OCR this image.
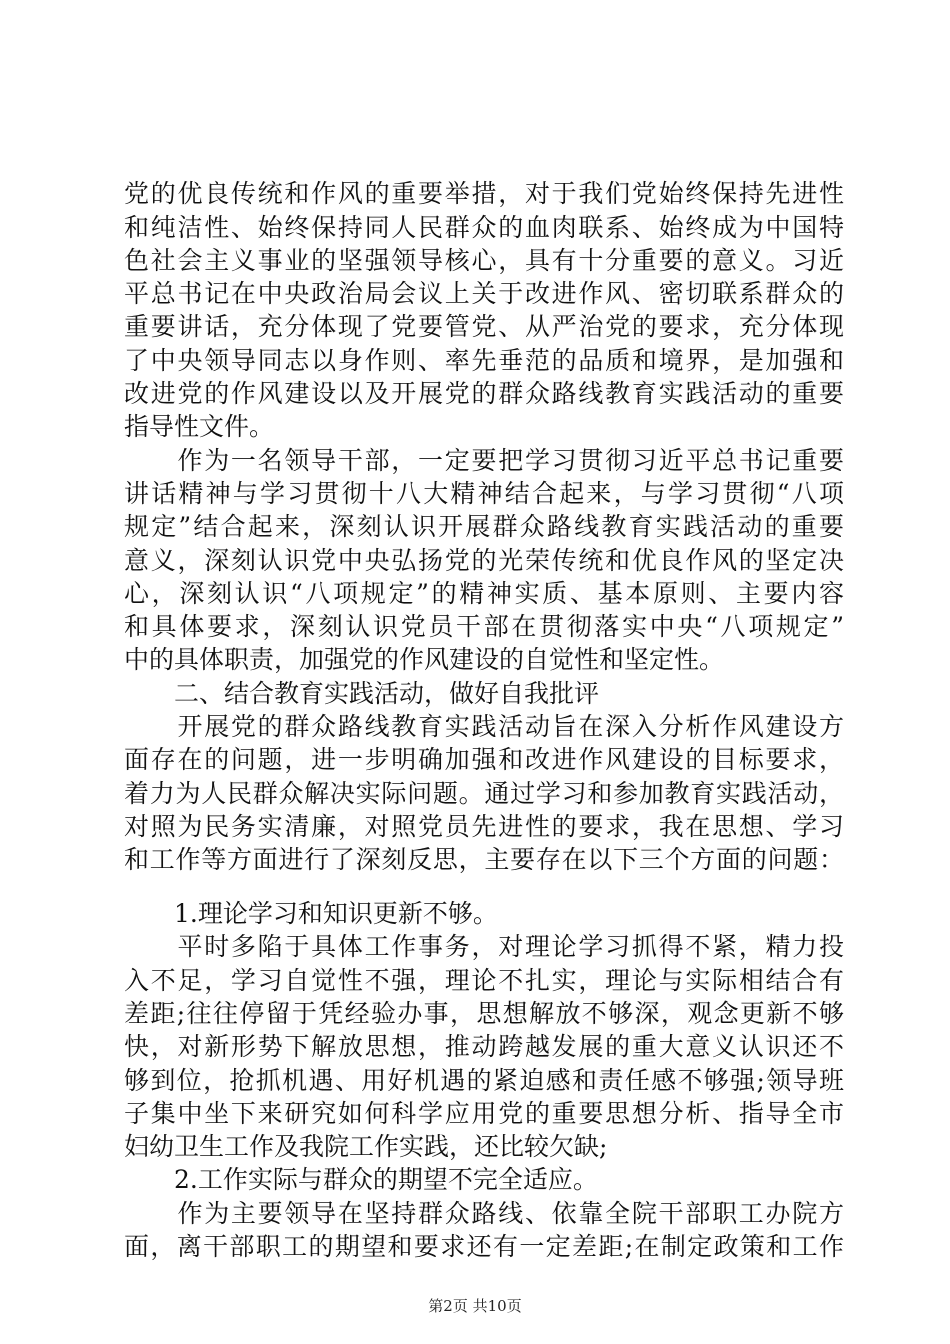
党的优良传统和作风的重要举措，对于我们党始终保持先进性
和纯洁性、始终保持同人民群众的血肉联系、始终成为中国特
色社会主义事业的坚强领导核心，具有十分重要的意义。习近
平总书记在中央政治局会议上关于改进作风、密切联系群众的
重要讲话，充分体现了党要管党、从严治党的要求，充分体现
了中央领导同志以身作则、率先垂范的品质和境界，是加强和
改进党的作风建设以及开展党的群众路线教育实践活动的重要
指导性文件。
　　作为一名领导干部，一定要把学习贯彻习近平总书记重要
讲话精神与学习贯彻十八大精神结合起来，与学习贯彻“八项
规定”结合起来，深刻认识开展群众路线教育实践活动的重要
意义，深刻认识党中央弘扬党的光荣传统和优良作风的坚定决
心，深刻认识“八项规定”的精神实质、基本原则、主要内容
和具体要求，深刻认识党员干部在贯彻落实中央“八项规定”
中的具体职责，加强党的作风建设的自觉性和坚定性。
　　二、结合教育实践活动，做好自我批评
　　开展党的群众路线教育实践活动旨在深入分析作风建设方
面存在的问题，进一步明确加强和改进作风建设的目标要求，
着力为人民群众解决实际问题。通过学习和参加教育实践活动，
对照为民务实清廉，对照党员先进性的要求，我在思想、学习
和工作等方面进行了深刻反思，主要存在以下三个方面的问题：
　　1.理论学习和知识更新不够。
　　平时多陷于具体工作事务，对理论学习抓得不紧，精力投
入不足，学习自觉性不强，理论不扎实，理论与实际相结合有
差距;往往停留于凭经验办事，思想解放不够深，观念更新不够
快，对新形势下解放思想，推动跨越发展的重大意义认识还不
够到位，抢抓机遇、用好机遇的紧迫感和责任感不够强;领导班
子集中坐下来研究如何科学应用党的重要思想分析、指导全市
妇幼卫生工作及我院工作实践，还比较欠缺;
　　2.工作实际与群众的期望不完全适应。
　　作为主要领导在坚持群众路线、依靠全院干部职工办院方
面，离干部职工的期望和要求还有一定差距;在制定政策和工作
第2页 共10页
